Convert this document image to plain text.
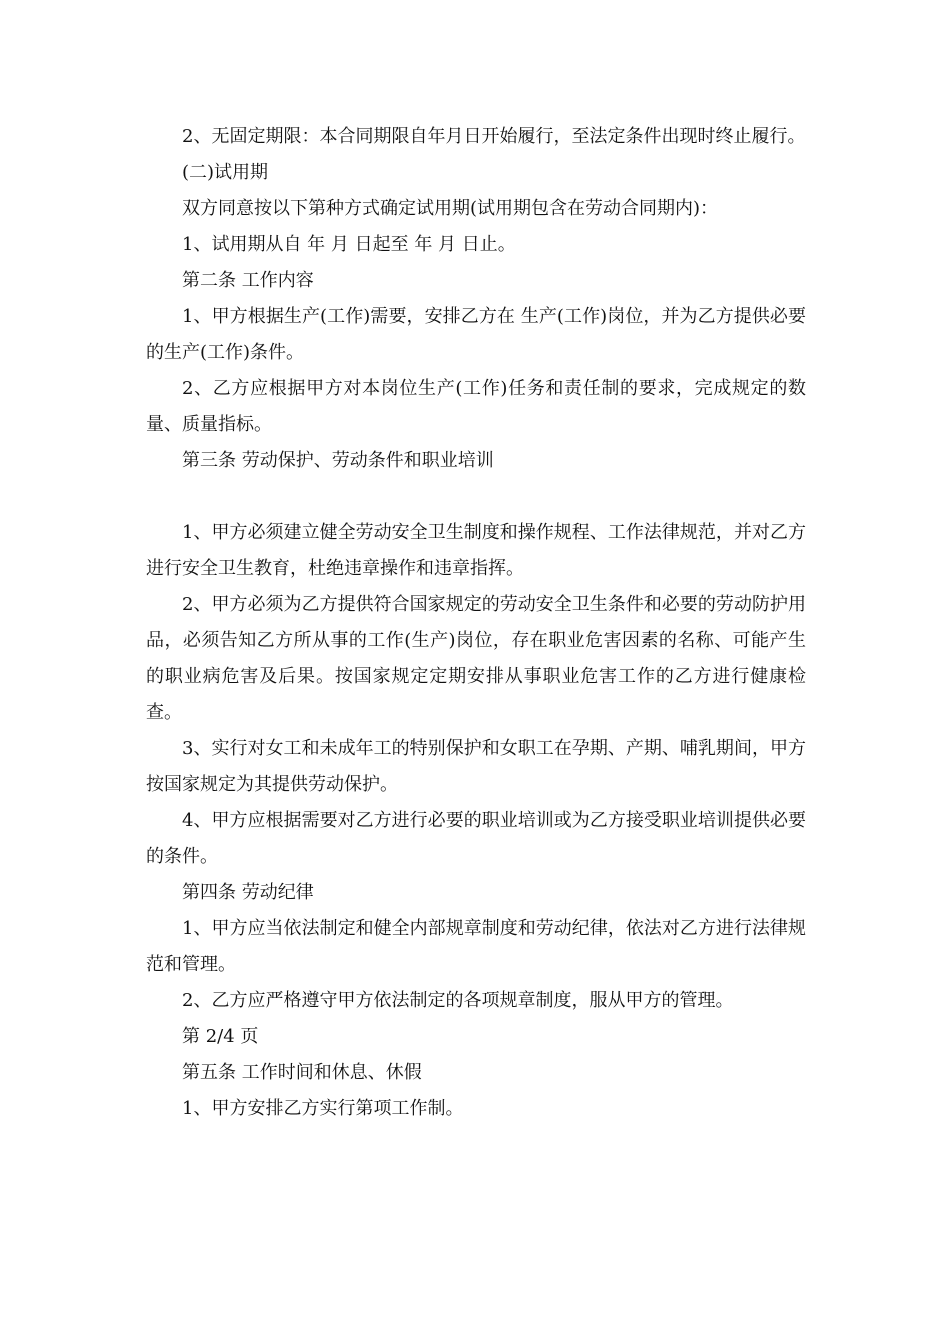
2、无固定期限：本合同期限自年月日开始履行，至法定条件出现时终止履行。

(二)试用期

双方同意按以下第种方式确定试用期(试用期包含在劳动合同期内)：

1、试用期从自 年 月 日起至 年 月 日止。

第二条 工作内容

1、甲方根据生产(工作)需要，安排乙方在 生产(工作)岗位，并为乙方提供必要的生产(工作)条件。

2、乙方应根据甲方对本岗位生产(工作)任务和责任制的要求，完成规定的数量、质量指标。

第三条 劳动保护、劳动条件和职业培训

1、甲方必须建立健全劳动安全卫生制度和操作规程、工作法律规范，并对乙方进行安全卫生教育，杜绝违章操作和违章指挥。

2、甲方必须为乙方提供符合国家规定的劳动安全卫生条件和必要的劳动防护用品，必须告知乙方所从事的工作(生产)岗位，存在职业危害因素的名称、可能产生的职业病危害及后果。按国家规定定期安排从事职业危害工作的乙方进行健康检查。

3、实行对女工和未成年工的特别保护和女职工在孕期、产期、哺乳期间，甲方按国家规定为其提供劳动保护。

4、甲方应根据需要对乙方进行必要的职业培训或为乙方接受职业培训提供必要的条件。

第四条 劳动纪律

1、甲方应当依法制定和健全内部规章制度和劳动纪律，依法对乙方进行法律规范和管理。

2、乙方应严格遵守甲方依法制定的各项规章制度，服从甲方的管理。

第 2/4 页

第五条 工作时间和休息、休假

1、甲方安排乙方实行第项工作制。
